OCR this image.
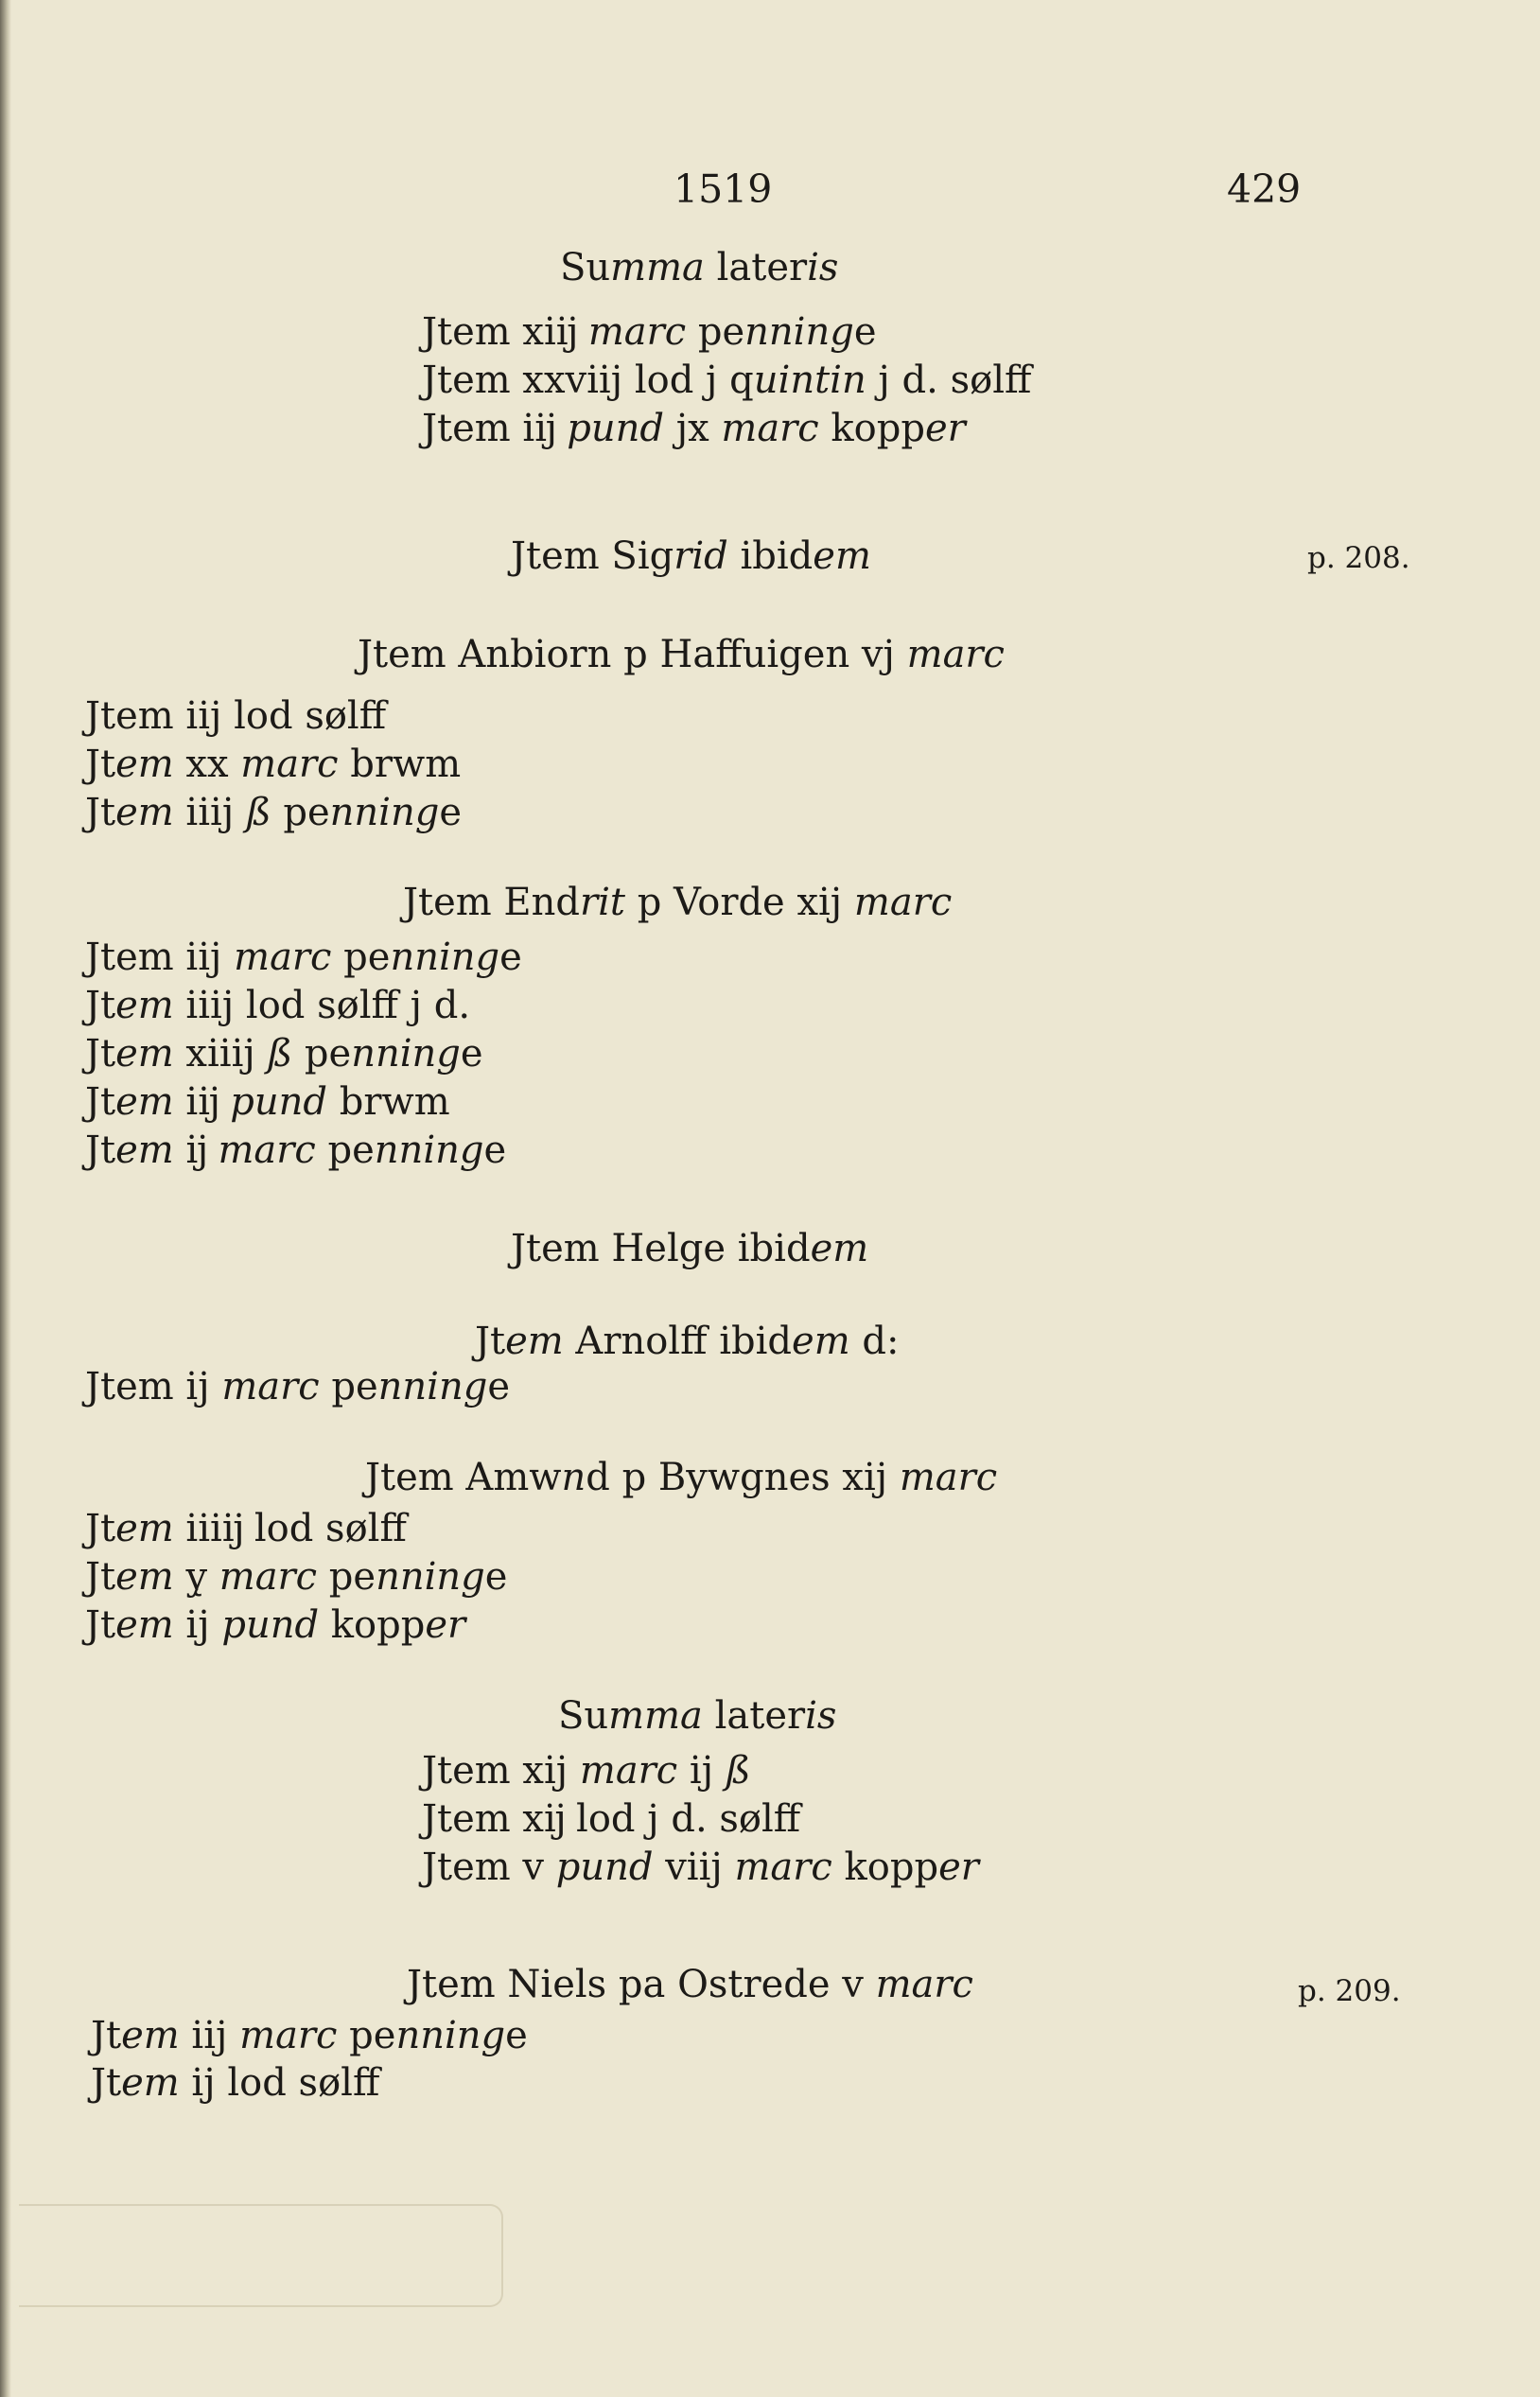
1519	429
Summa lateris
Jtem xiĳ marc penninge
Jtem xxviij lod j quintin j d. sølff
Jtem iĳ pund jx marc kopper
Jtem Sigrid ibidem	p. 208.
Jtem Anbiorn p Haffuigen vj marc
Jtem iij lod sølff
Jtem xx marc brwm
Jtem iiij ß penninge
Jtem Endrit p Vorde xij marc
Jtem iij marc penninge
Jtem iiij lod sølff j d.
Jtem xiiij ß penninge
Jtem iĳ pund brwm
Jtem ĳ marc penninge
Jtem Helge ibidem
Jtem Arnolff ibidem d:
Jtem ij marc penninge
Jtem Amwnd p Bywgnes xij marc
Jtem iiiĳ lod sølff
Jtem y̨ marc penninge
Jtem ij pund kopper
Summa lateris
Jtem xij marc ij ß
Jtem xĳ lod j d. sølff
Jtem v pund viij marc kopper
Jtem Niels pa Ostrede v marc	p. 209.
Jtem iij marc penninge
Jtem ij lod sølff
